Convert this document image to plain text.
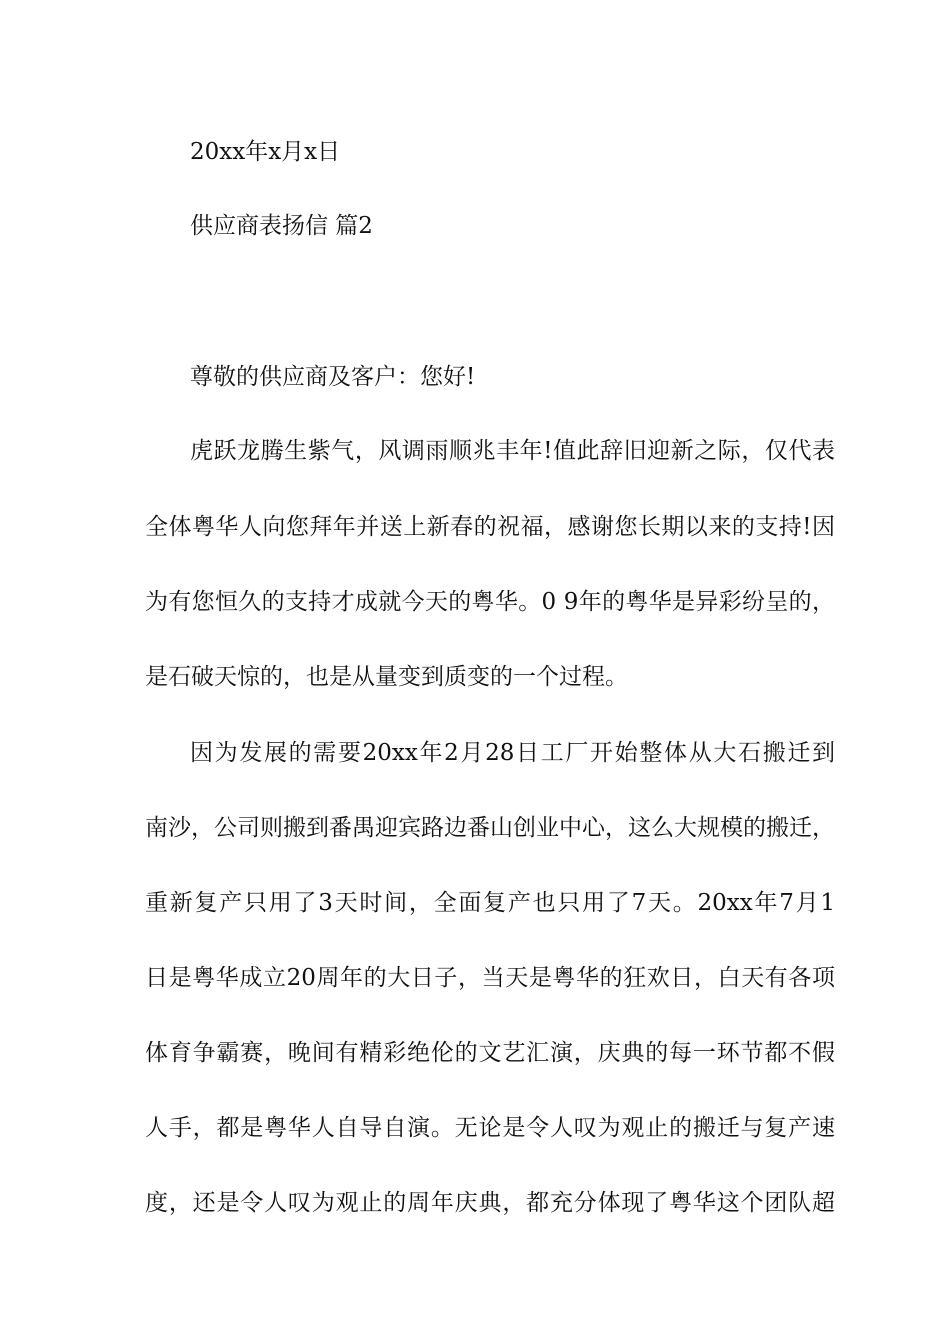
20xx年x月x日
供应商表扬信 篇2
尊敬的供应商及客户：您好!
虎跃龙腾生紫气，风调雨顺兆丰年!值此辞旧迎新之际，仅代表
全体粤华人向您拜年并送上新春的祝福，感谢您长期以来的支持!因
为有您恒久的支持才成就今天的粤华。0 9年的粤华是异彩纷呈的，
是石破天惊的，也是从量变到质变的一个过程。
因为发展的需要20xx年2月28日工厂开始整体从大石搬迁到
南沙，公司则搬到番禺迎宾路边番山创业中心，这么大规模的搬迁，
重新复产只用了3天时间，全面复产也只用了7天。20xx年7月1
日是粤华成立20周年的大日子，当天是粤华的狂欢日，白天有各项
体育争霸赛，晚间有精彩绝伦的文艺汇演，庆典的每一环节都不假
人手，都是粤华人自导自演。无论是令人叹为观止的搬迁与复产速
度，还是令人叹为观止的周年庆典，都充分体现了粤华这个团队超
